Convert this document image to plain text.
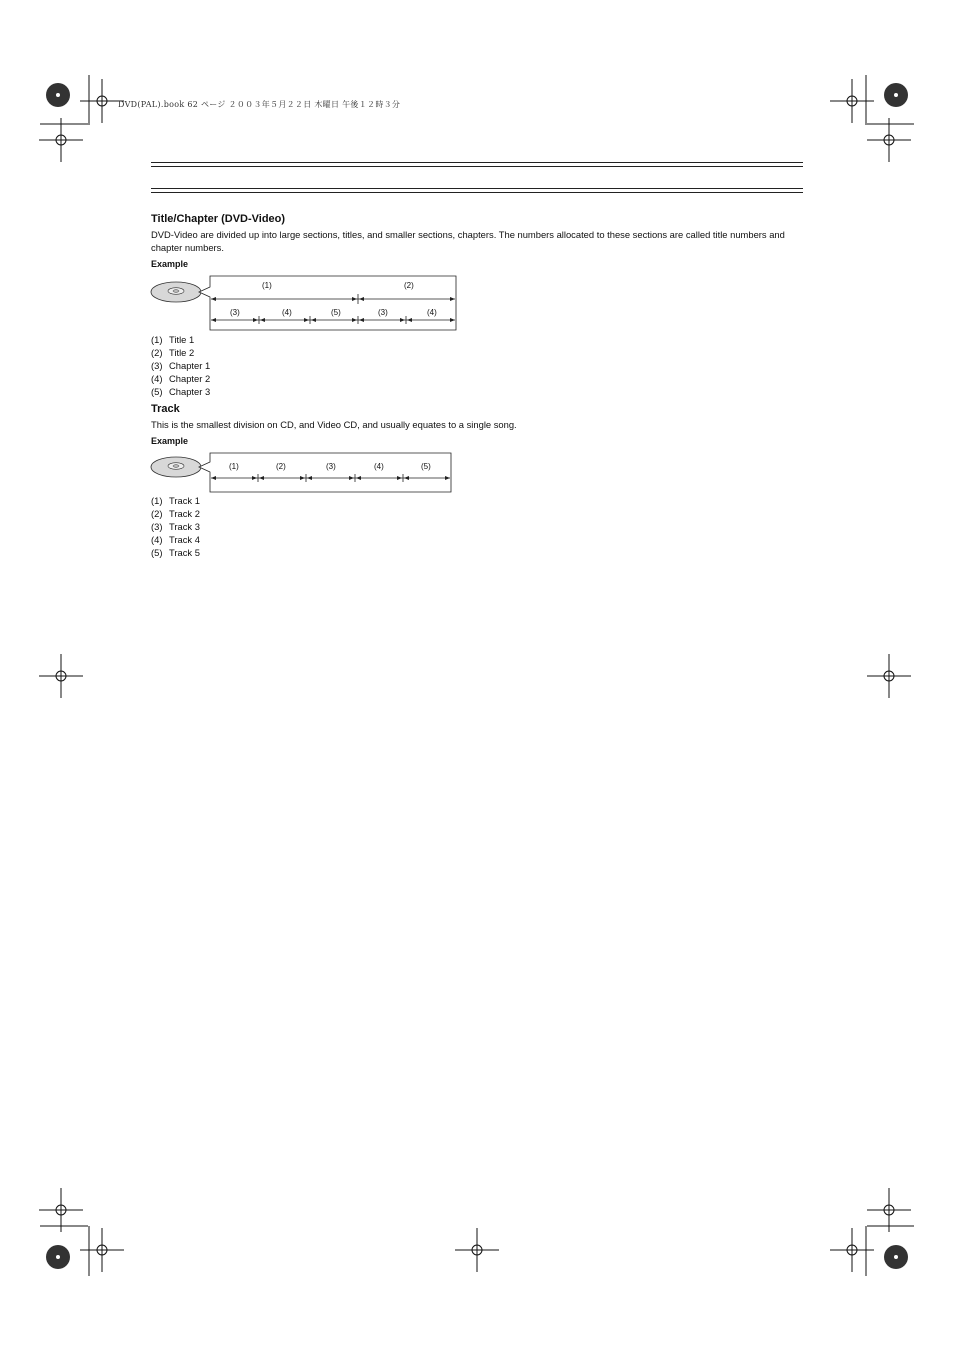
DVD(PAL).book 62 ページ ２００３年５月２２日 木曜日 午後１２時３分
Title/Chapter (DVD-Video)
DVD-Video are divided up into large sections, titles, and smaller sections, chapters. The numbers allocated to these sections are called title numbers and chapter numbers.
Example
(1)	(2)
(3)	(4)	(5)	(3)	(4)
(1) Title 1
(2) Title 2
(3) Chapter 1
(4) Chapter 2
(5) Chapter 3
Track
This is the smallest division on CD, and Video CD, and usually equates to a single song.
Example
(1)	(2)	(3)	(4)	(5)
(1) Track 1
(2) Track 2
(3) Track 3
(4) Track 4
(5) Track 5
